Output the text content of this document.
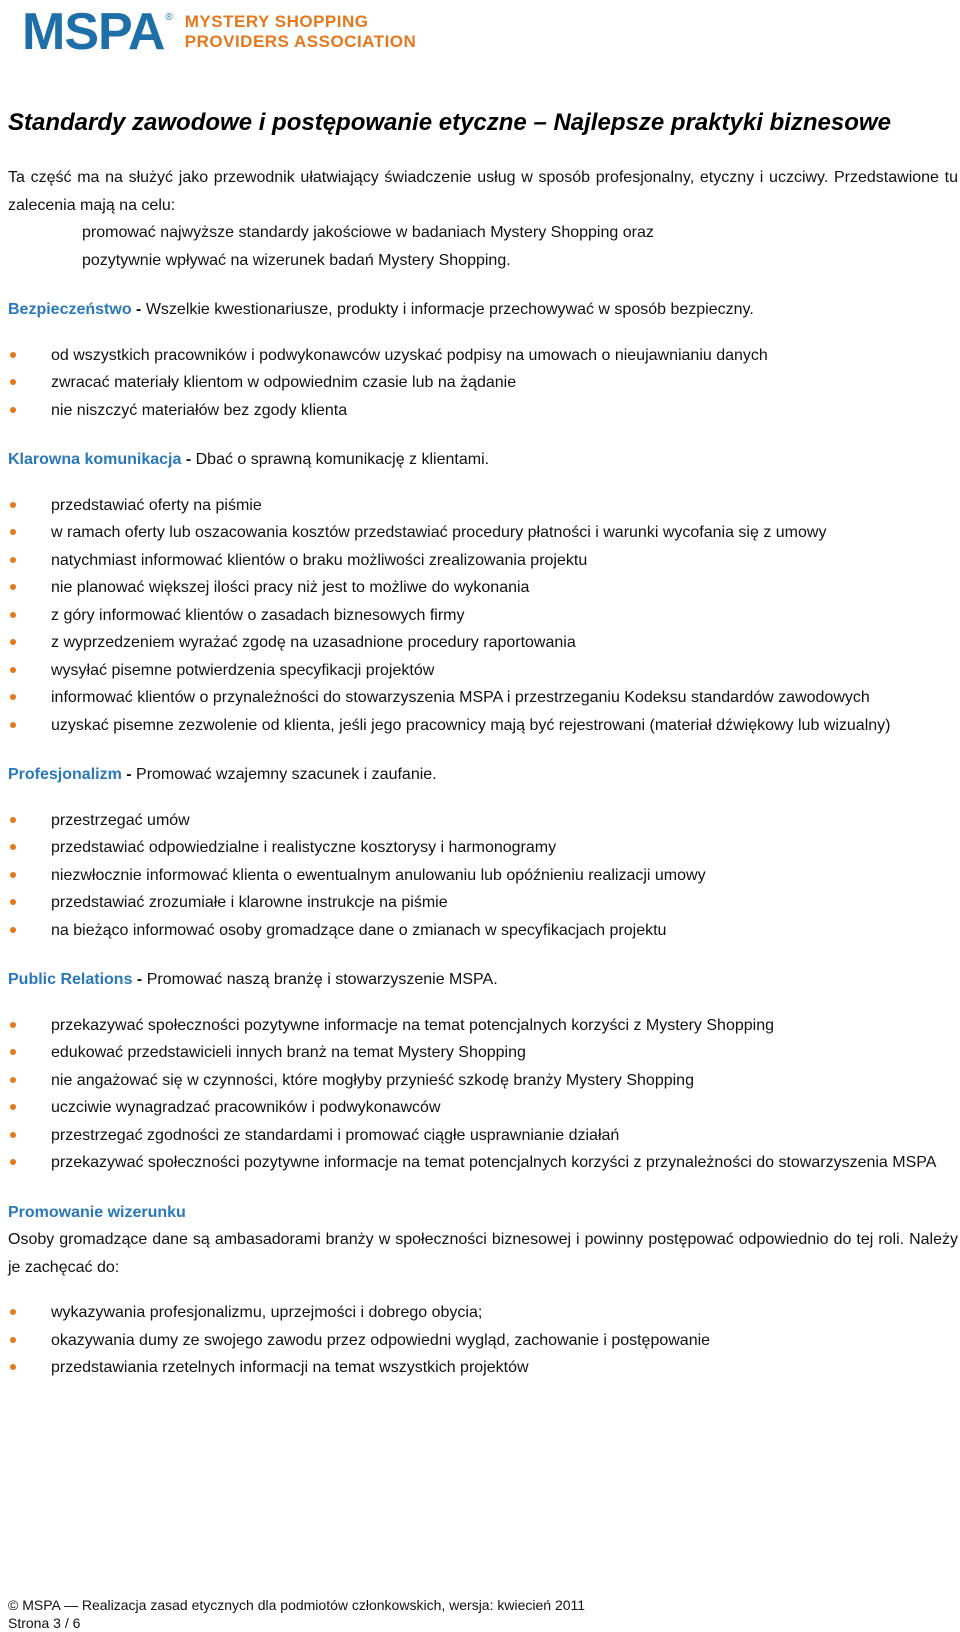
MSPA ® MYSTERY SHOPPING
PROVIDERS ASSOCIATION
Standardy zawodowe i postępowanie etyczne – Najlepsze praktyki biznesowe

Ta część ma na służyć jako przewodnik ułatwiający świadczenie usług w sposób profesjonalny, etyczny i uczciwy. Przedstawione tu zalecenia mają na celu:

promować najwyższe standardy jakościowe w badaniach Mystery Shopping oraz

pozytywnie wpływać na wizerunek badań Mystery Shopping.

Bezpieczeństwo - Wszelkie kwestionariusze, produkty i informacje przechowywać w sposób bezpieczny.

od wszystkich pracowników i podwykonawców uzyskać podpisy na umowach o nieujawnianiu danych
zwracać materiały klientom w odpowiednim czasie lub na żądanie
nie niszczyć materiałów bez zgody klienta

Klarowna komunikacja - Dbać o sprawną komunikację z klientami.

przedstawiać oferty na piśmie
w ramach oferty lub oszacowania kosztów przedstawiać procedury płatności i warunki wycofania się z umowy
natychmiast informować klientów o braku możliwości zrealizowania projektu
nie planować większej ilości pracy niż jest to możliwe do wykonania
z góry informować klientów o zasadach biznesowych firmy
z wyprzedzeniem wyrażać zgodę na uzasadnione procedury raportowania
wysyłać pisemne potwierdzenia specyfikacji projektów
informować klientów o przynależności do stowarzyszenia MSPA i przestrzeganiu Kodeksu standardów zawodowych
uzyskać pisemne zezwolenie od klienta, jeśli jego pracownicy mają być rejestrowani (materiał dźwiękowy lub wizualny)

Profesjonalizm - Promować wzajemny szacunek i zaufanie.

przestrzegać umów
przedstawiać odpowiedzialne i realistyczne kosztorysy i harmonogramy
niezwłocznie informować klienta o ewentualnym anulowaniu lub opóźnieniu realizacji umowy
przedstawiać zrozumiałe i klarowne instrukcje na piśmie
na bieżąco informować osoby gromadzące dane o zmianach w specyfikacjach projektu

Public Relations - Promować naszą branżę i stowarzyszenie MSPA.

przekazywać społeczności pozytywne informacje na temat potencjalnych korzyści z Mystery Shopping
edukować przedstawicieli innych branż na temat Mystery Shopping
nie angażować się w czynności, które mogłyby przynieść szkodę branży Mystery Shopping
uczciwie wynagradzać pracowników i podwykonawców
przestrzegać zgodności ze standardami i promować ciągłe usprawnianie działań
przekazywać społeczności pozytywne informacje na temat potencjalnych korzyści z przynależności do stowarzyszenia MSPA

Promowanie wizerunku

Osoby gromadzące dane są ambasadorami branży w społeczności biznesowej i powinny postępować odpowiednio do tej roli. Należy je zachęcać do:

wykazywania profesjonalizmu, uprzejmości i dobrego obycia;
okazywania dumy ze swojego zawodu przez odpowiedni wygląd, zachowanie i postępowanie
przedstawiania rzetelnych informacji na temat wszystkich projektów
© MSPA — Realizacja zasad etycznych dla podmiotów członkowskich, wersja: kwiecień 2011
Strona 3 / 6
